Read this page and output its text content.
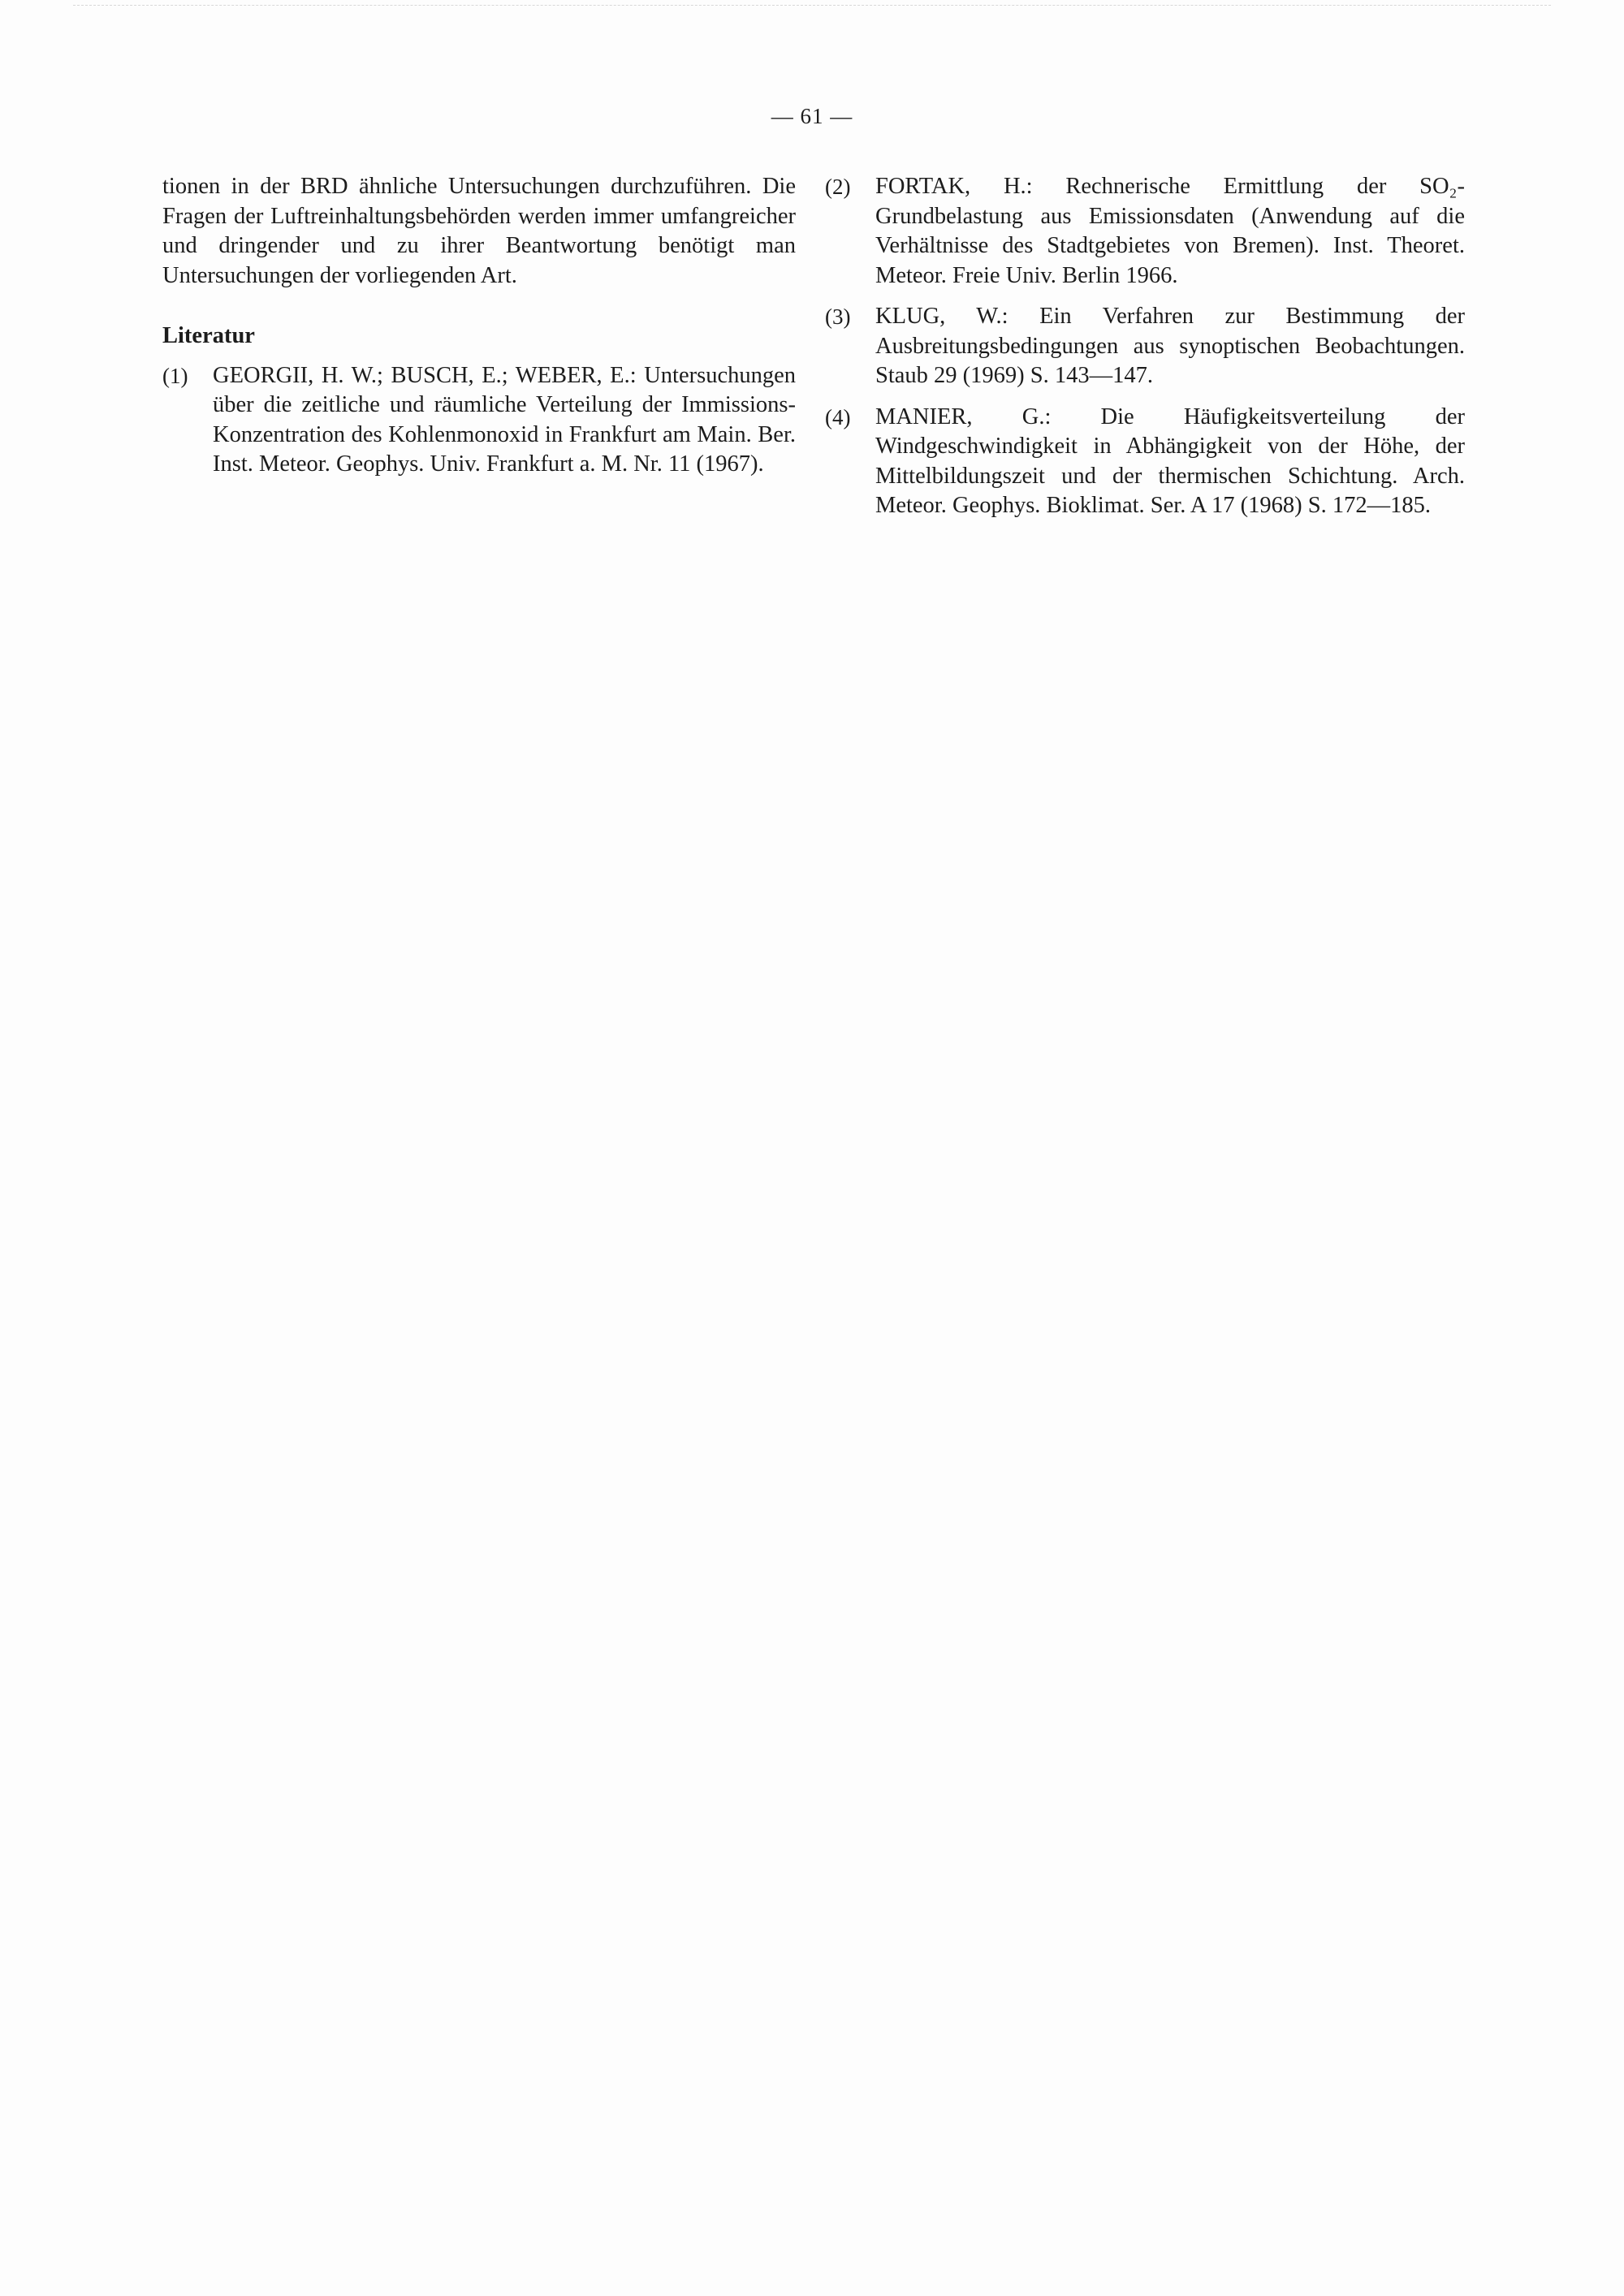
— 61 —

tionen in der BRD ähnliche Untersuchungen durchzuführen. Die Fragen der Luftreinhaltungsbehörden werden immer umfangreicher und dringender und zu ihrer Beantwortung benötigt man Untersuchungen der vorliegenden Art.

Literatur
(1)	GEORGII, H. W.; BUSCH, E.; WEBER, E.: Untersuchungen über die zeitliche und räumliche Verteilung der Immissions-Konzentration des Kohlenmonoxid in Frankfurt am Main. Ber. Inst. Meteor. Geophys. Univ. Frankfurt a. M. Nr. 11 (1967).
(2)	FORTAK, H.: Rechnerische Ermittlung der SO₂-Grundbelastung aus Emissionsdaten (Anwendung auf die Verhältnisse des Stadtgebietes von Bremen). Inst. Theoret. Meteor. Freie Univ. Berlin 1966.
(3)	KLUG, W.: Ein Verfahren zur Bestimmung der Ausbreitungsbedingungen aus synoptischen Beobachtungen. Staub 29 (1969) S. 143—147.
(4)	MANIER, G.: Die Häufigkeitsverteilung der Windgeschwindigkeit in Abhängigkeit von der Höhe, der Mittelbildungszeit und der thermischen Schichtung. Arch. Meteor. Geophys. Bioklimat. Ser. A 17 (1968) S. 172—185.
